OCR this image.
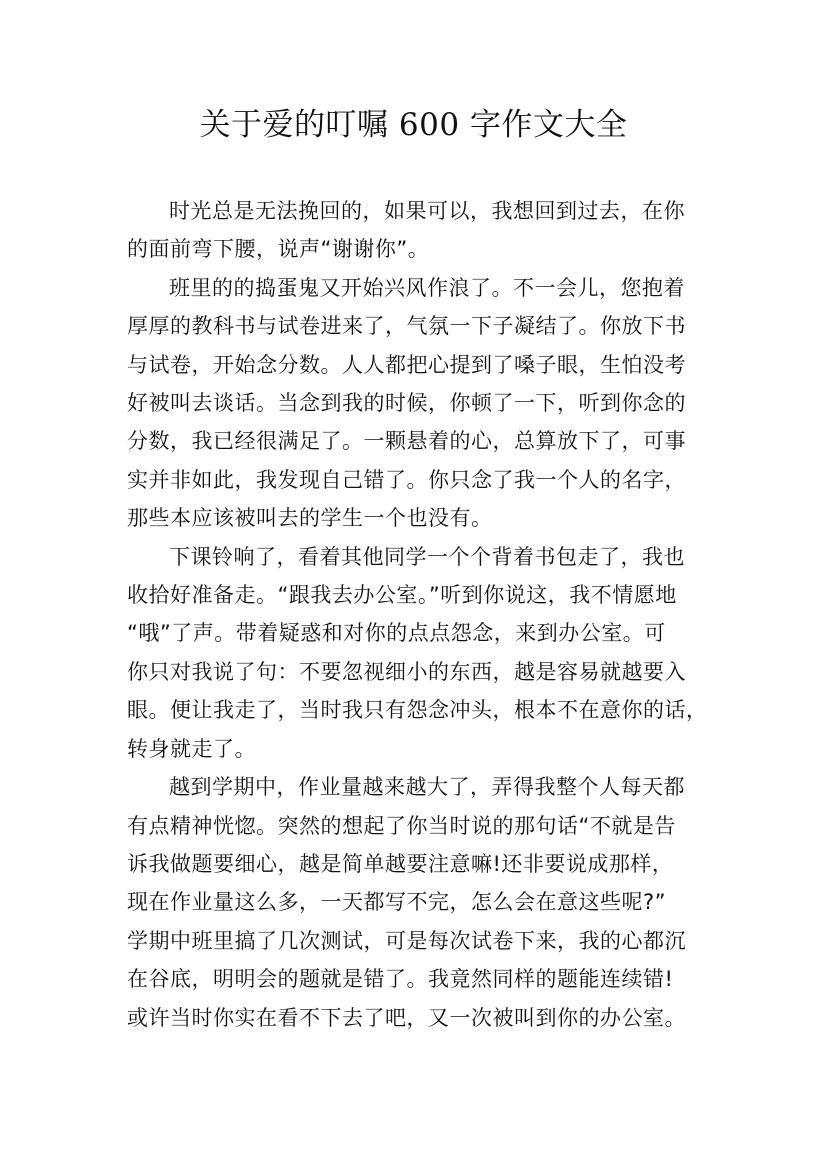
关于爱的叮嘱 600 字作文大全

时光总是无法挽回的，如果可以，我想回到过去，在你
的面前弯下腰，说声“谢谢你”。

班里的的捣蛋鬼又开始兴风作浪了。不一会儿，您抱着
厚厚的教科书与试卷进来了，气氛一下子凝结了。你放下书
与试卷，开始念分数。人人都把心提到了嗓子眼，生怕没考
好被叫去谈话。当念到我的时候，你顿了一下，听到你念的
分数，我已经很满足了。一颗悬着的心，总算放下了，可事
实并非如此，我发现自己错了。你只念了我一个人的名字，
那些本应该被叫去的学生一个也没有。

下课铃响了，看着其他同学一个个背着书包走了，我也
收拾好准备走。“跟我去办公室。”听到你说这，我不情愿地
“哦”了声。带着疑惑和对你的点点怨念，来到办公室。可
你只对我说了句：不要忽视细小的东西，越是容易就越要入
眼。便让我走了，当时我只有怨念冲头，根本不在意你的话，
转身就走了。

越到学期中，作业量越来越大了，弄得我整个人每天都
有点精神恍惚。突然的想起了你当时说的那句话“不就是告
诉我做题要细心，越是简单越要注意嘛!还非要说成那样，
现在作业量这么多，一天都写不完，怎么会在意这些呢?”
学期中班里搞了几次测试，可是每次试卷下来，我的心都沉
在谷底，明明会的题就是错了。我竟然同样的题能连续错!
或许当时你实在看不下去了吧，又一次被叫到你的办公室。
